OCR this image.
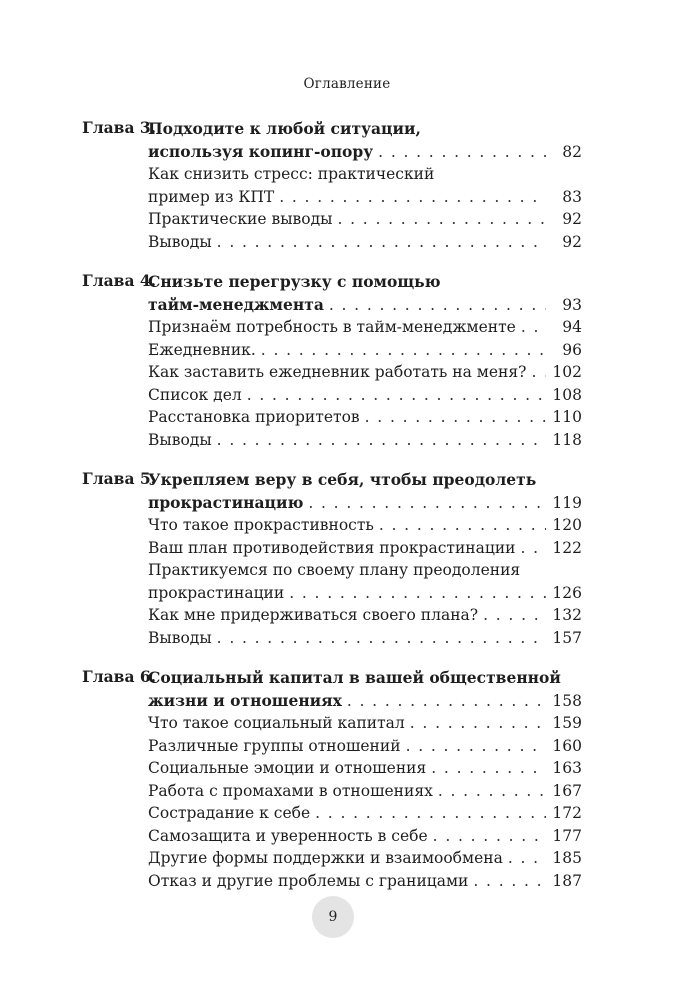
Оглавление
Глава 3.
Подходите к любой ситуации,
используя копинг-опору . . .	82
Как снизить стресс: практический
пример из КПТ . . .	83
Практические выводы . . .	92
Выводы . . .	92
Глава 4.
Снизьте перегрузку с помощью
тайм-менеджмента . . .	93
Признаём потребность в тайм-менеджменте . . .	94
Ежедневник. . . .	96
Как заставить ежедневник работать на меня? . . . 102
Список дел . . .	108
Расстановка приоритетов . . .	110
Выводы . . .	118
Глава 5.
Укрепляем веру в себя, чтобы преодолеть
прокрастинацию . . .	119
Что такое прокрастивность . . .	120
Ваш план противодействия прокрастинации . . . 122
Практикуемся по своему плану преодоления
прокрастинации . . .	126
Как мне придерживаться своего плана? . . .	132
Выводы . . .	157
Глава 6.
Социальный капитал в вашей общественной
жизни и отношениях . . .	158
Что такое социальный капитал . . .	159
Различные группы отношений . . .	160
Социальные эмоции и отношения . . .	163
Работа с промахами в отношениях . . .	167
Сострадание к себе . . .	172
Самозащита и уверенность в себе . . .	177
Другие формы поддержки и взаимообмена . . .	185
Отказ и другие проблемы с границами . . .	187
9
